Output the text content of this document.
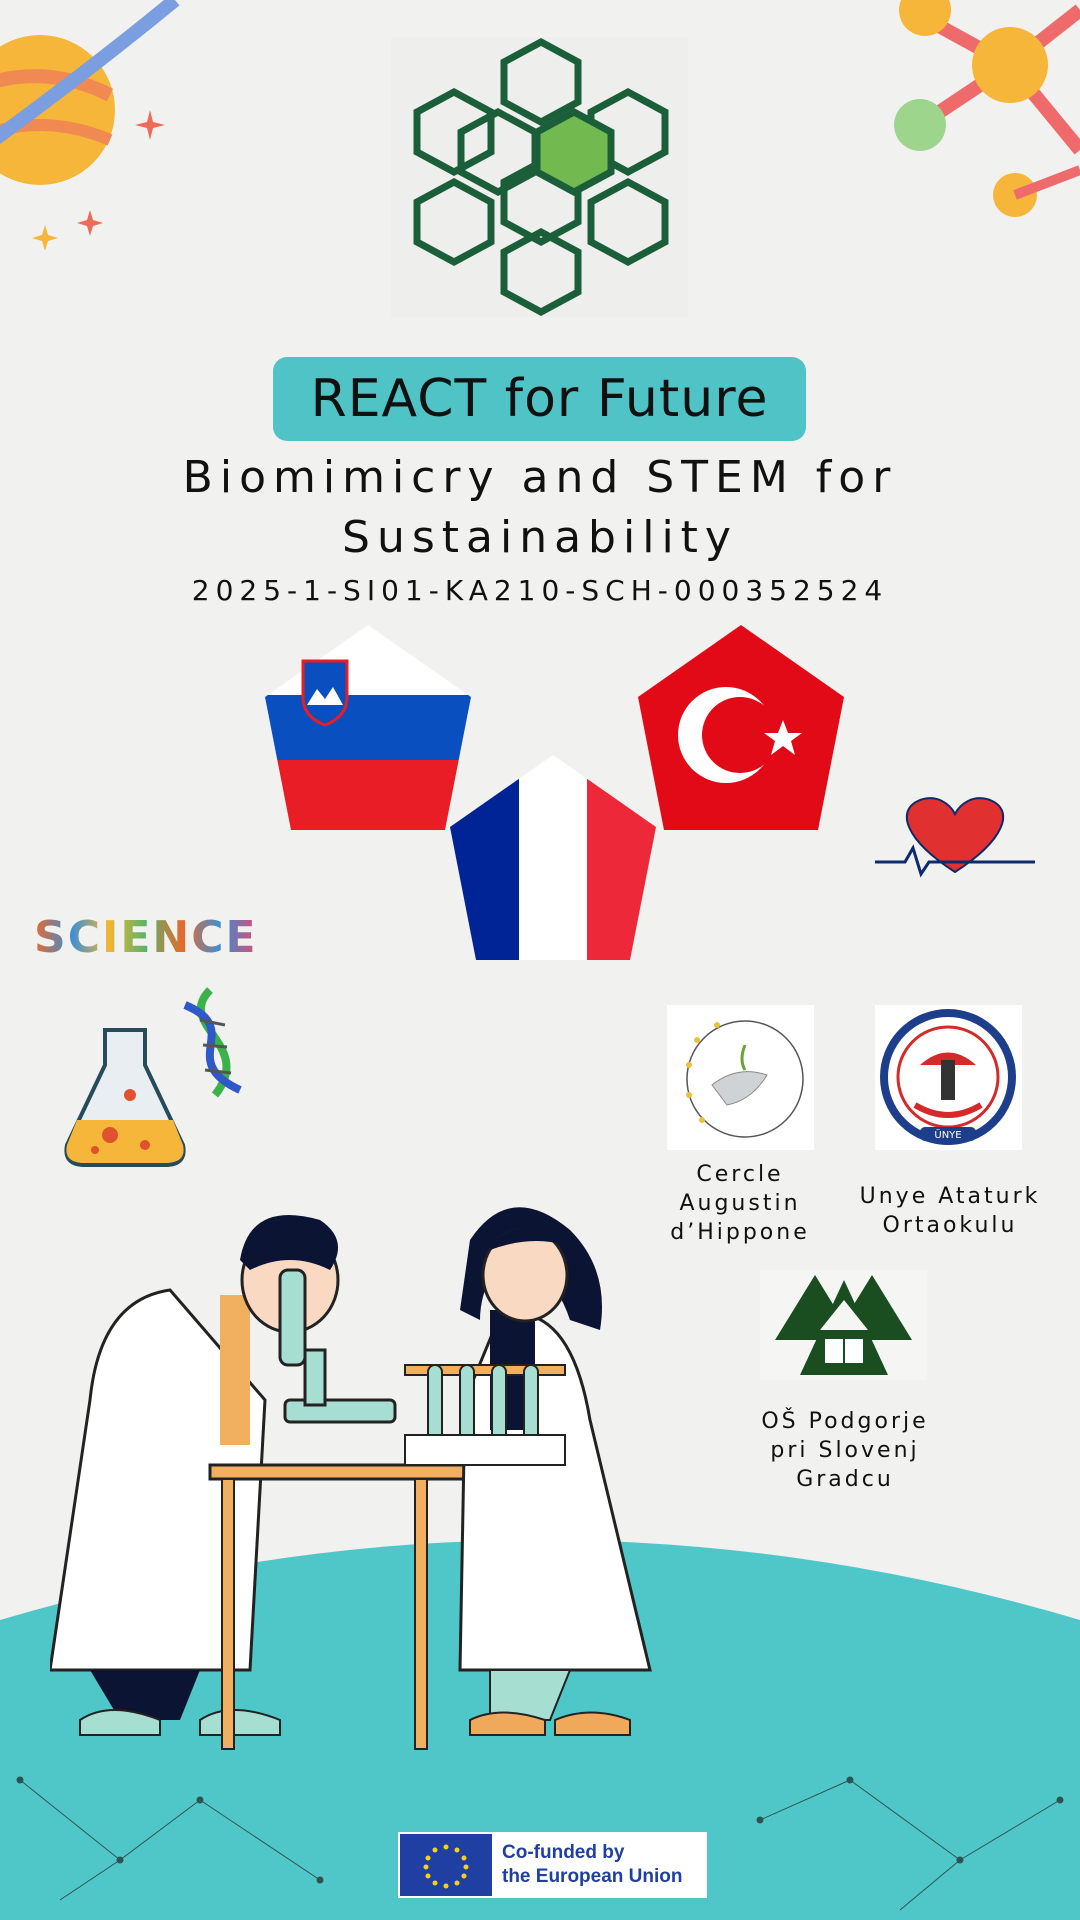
REACT for Future
Biomimicry and STEM for
Sustainability
2025-1-SI01-KA210-SCH-000352524
SCIENCE
Cercle
Augustin
d’Hippone
ÜNYE
Unye Ataturk
Ortaokulu
OŠ Podgorje
pri Slovenj
Gradcu
Co-funded by
the European Union
